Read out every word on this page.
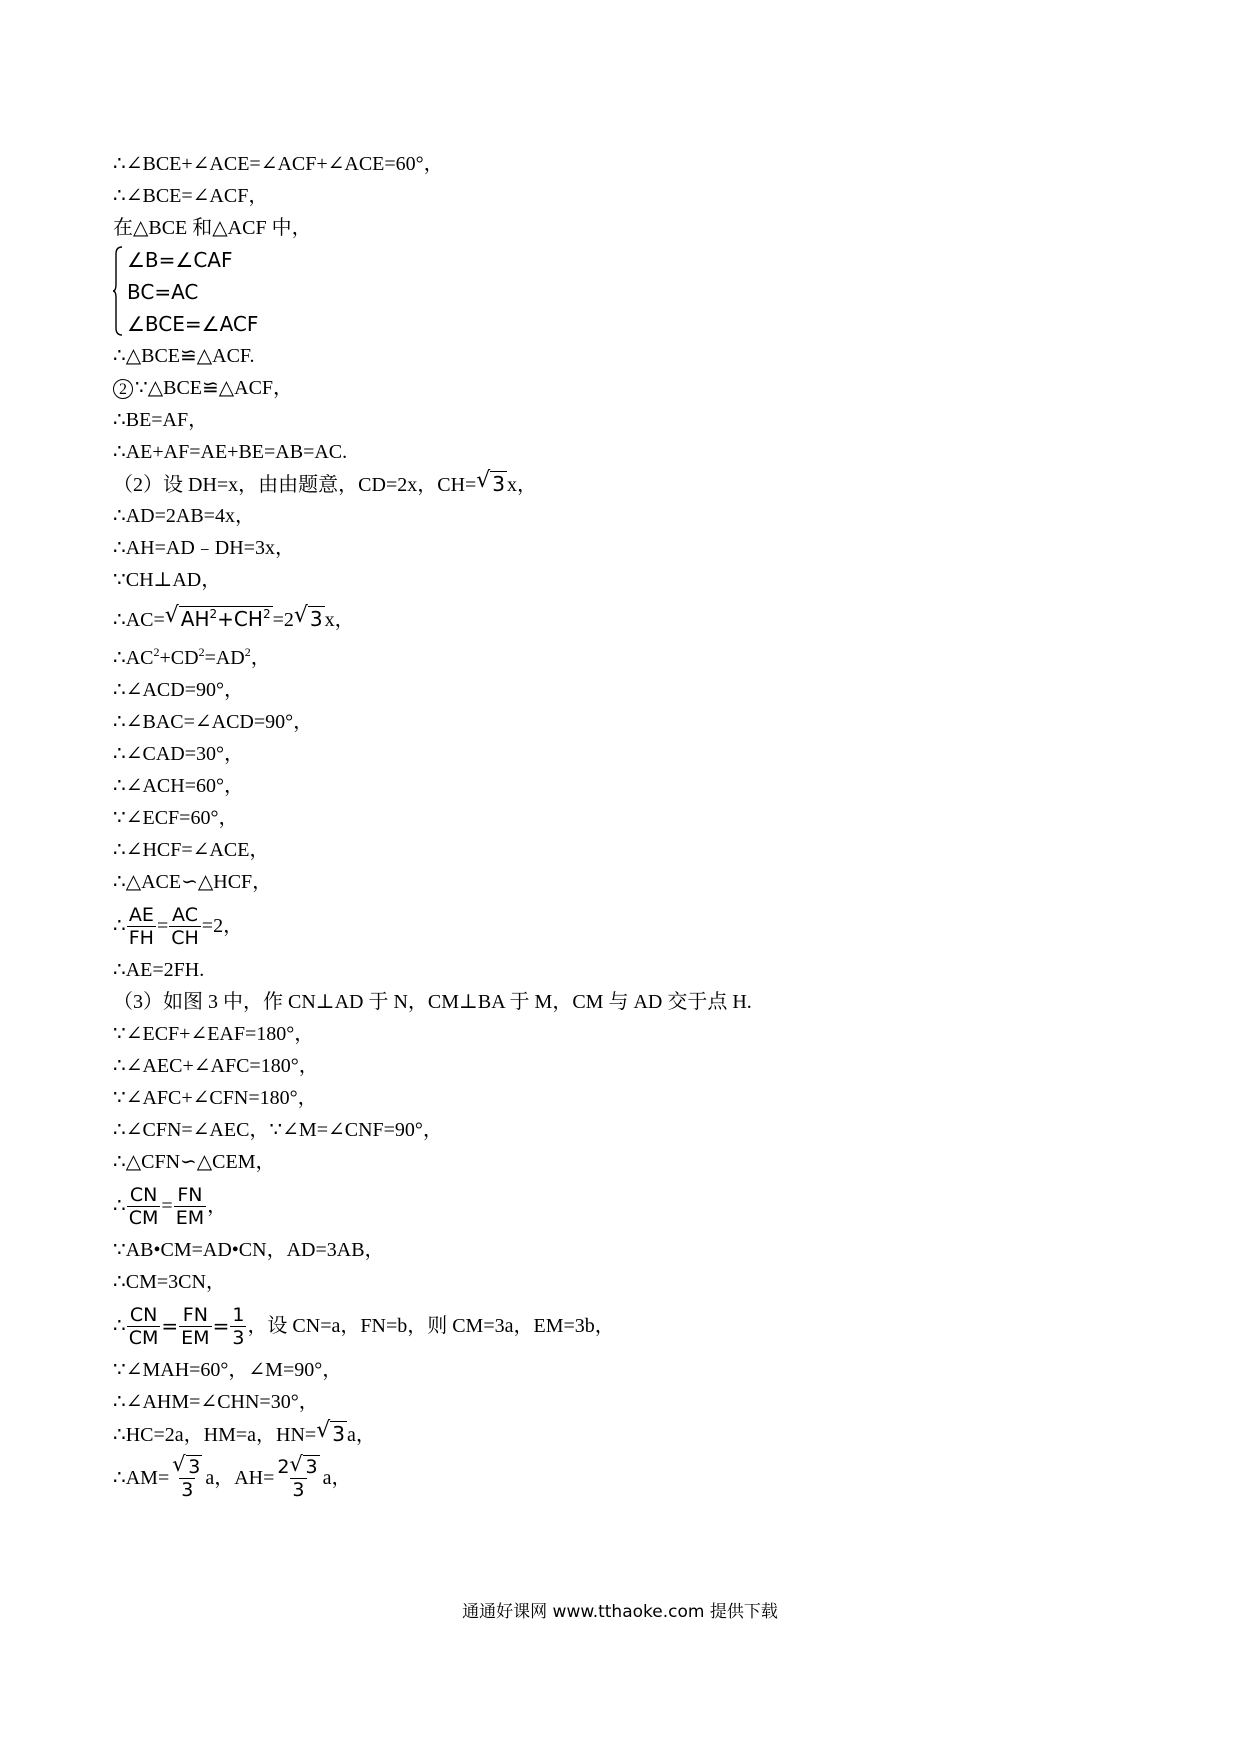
∴∠BCE+∠ACE=∠ACF+∠ACE=60°，
∴∠BCE=∠ACF，
在△BCE 和△ACF 中，
∠B=∠CAF
BC=AC
∠BCE=∠ACF
∴△BCE≌△ACF.
2 ∵△BCE≌△ACF，
∴BE=AF，
∴AE+AF=AE+BE=AB=AC.
（2）设 DH=x，由由题意，CD=2x，CH=√ 3 x，
∴AD=2AB=4x，
∴AH=AD﹣DH=3x，
∵CH⊥AD，
∴AC=√ $AH^2+CH^2 =2√$ 3 x，
$\therefore AC^2+CD^2=AD^2$，
∴∠ACD=90°，
∴∠BAC=∠ACD=90°，
∴∠CAD=30°，
∴∠ACH=60°，
∵∠ECF=60°，
∴∠HCF=∠ACE，
∴△ACE∽△HCF，
∴ $\frac{AE}{FH} = \frac{AC}{CH} =2$，
∴AE=2FH.
（3）如图 3 中，作 CN⊥AD 于 N，CM⊥BA 于 M，CM 与 AD 交于点 H.
∵∠ECF+∠EAF=180°，
∴∠AEC+∠AFC=180°，
∵∠AFC+∠CFN=180°，
∴∠CFN=∠AEC，∵∠M=∠CNF=90°，
∴△CFN∽△CEM，
∴ $\frac{CN}{CM} = \frac{FN}{EM}$ ，
∵AB•CM=AD•CN，AD=3AB，
∴CM=3CN，
∴ $\frac{CN}{CM} = \frac{FN}{EM} = \frac{1}{3}$ ，设 CN=a，FN=b，则 CM=3a，EM=3b，
∵∠MAH=60°，∠M=90°，
∴∠AHM=∠CHN=30°，
∴HC=2a，HM=a，HN=√ 3 a，
∴AM=
√ $\frac{3}{3}$ a，$AH= \frac{2√ 3}{3}$ a，
通通好课网 www.tthaoke.com 提供下载
